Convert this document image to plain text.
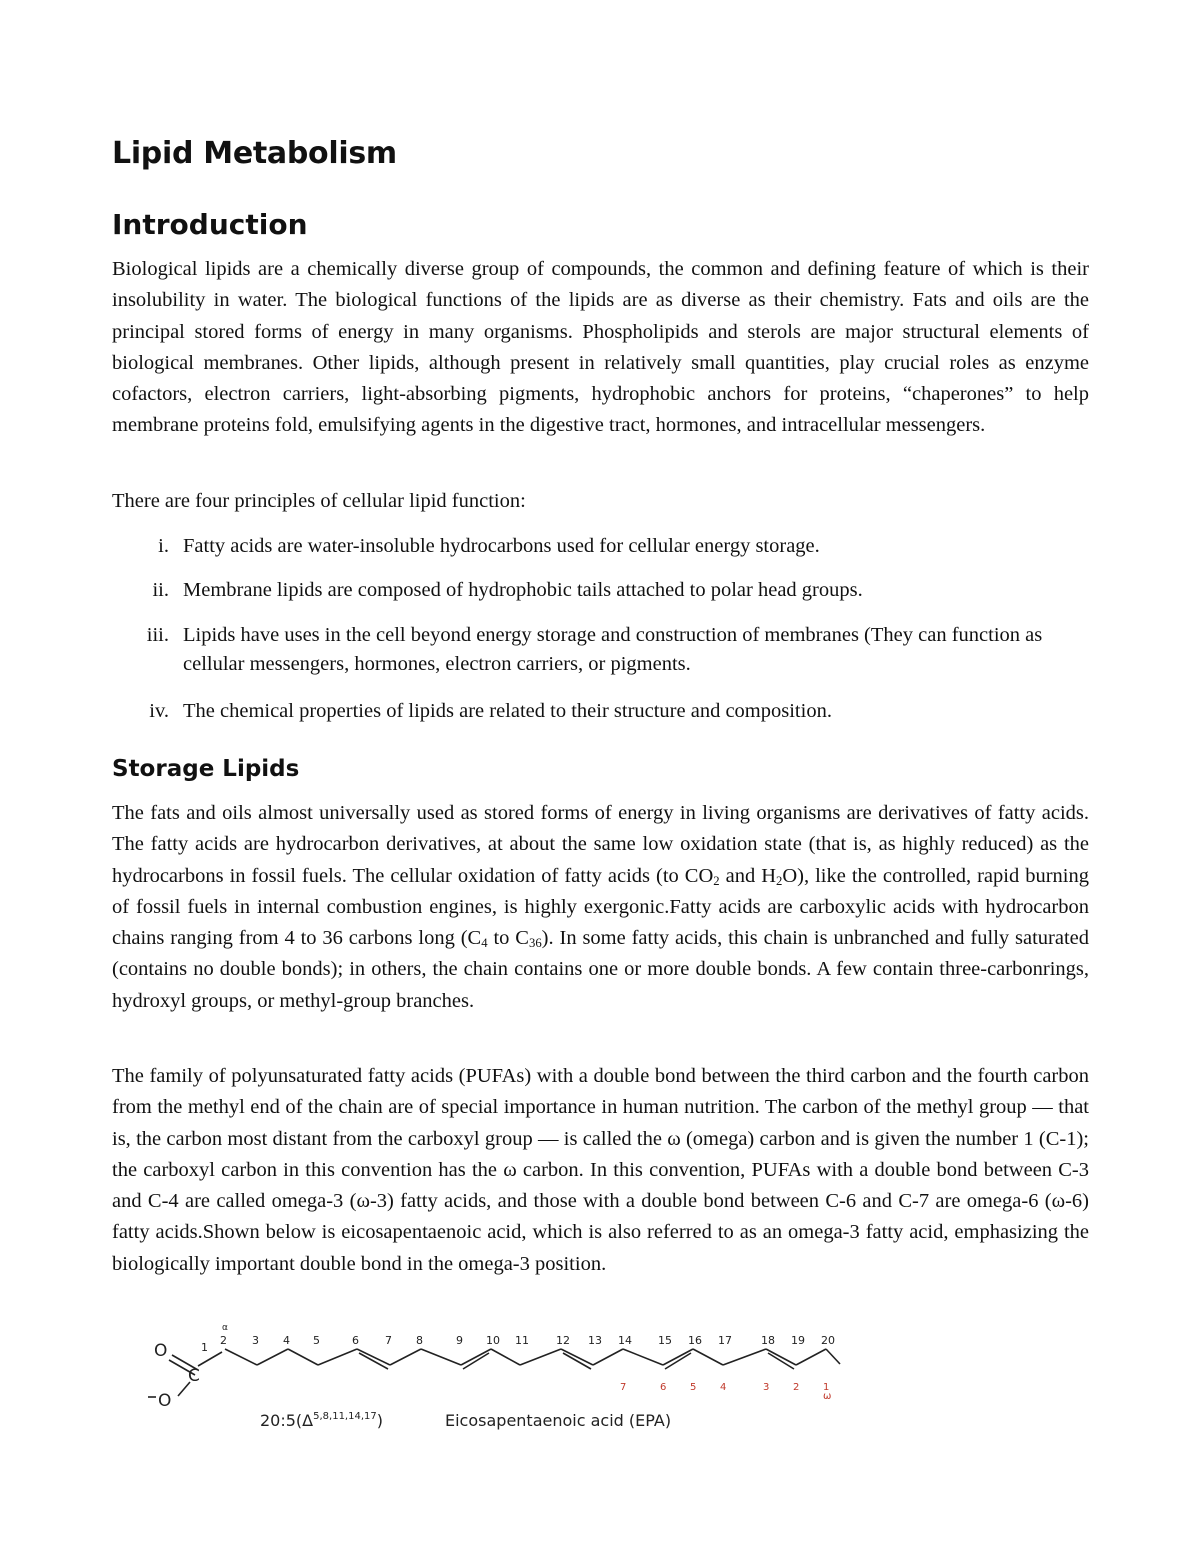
Lipid Metabolism
Introduction

Biological lipids are a chemically diverse group of compounds, the common and defining feature of which is their insolubility in water. The biological functions of the lipids are as diverse as their chemistry. Fats and oils are the principal stored forms of energy in many organisms. Phospholipids and sterols are major structural elements of biological membranes. Other lipids, although present in relatively small quantities, play crucial roles as enzyme cofactors, electron carriers, light-absorbing pigments, hydrophobic anchors for proteins, “chaperones” to help membrane proteins fold, emulsifying agents in the digestive tract, hormones, and intracellular messengers.

There are four principles of cellular lipid function:

i. Fatty acids are water-insoluble hydrocarbons used for cellular energy storage.
ii. Membrane lipids are composed of hydrophobic tails attached to polar head groups.
iii. Lipids have uses in the cell beyond energy storage and construction of membranes (They can function as cellular messengers, hormones, electron carriers, or pigments.
iv. The chemical properties of lipids are related to their structure and composition.
Storage Lipids

The fats and oils almost universally used as stored forms of energy in living organisms are derivatives of fatty acids. The fatty acids are hydrocarbon derivatives, at about the same low oxidation state (that is, as highly reduced) as the hydrocarbons in fossil fuels. The cellular oxidation of fatty acids (to $CO_2$ and $H_2O$), like the controlled, rapid burning of fossil fuels in internal combustion engines, is highly exergonic.Fatty acids are carboxylic acids with hydrocarbon chains ranging from 4 to 36 carbons long ($C_4$ to $C_{36}$). In some fatty acids, this chain is unbranched and fully saturated (contains no double bonds); in others, the chain contains one or more double bonds. A few contain three-carbonrings, hydroxyl groups, or methyl-group branches.

The family of polyunsaturated fatty acids (PUFAs) with a double bond between the third carbon and the fourth carbon from the methyl end of the chain are of special importance in human nutrition. The carbon of the methyl group — that is, the carbon most distant from the carboxyl group — is called the ω (omega) carbon and is given the number 1 (C-1); the carboxyl carbon in this convention has the ω carbon. In this convention, PUFAs with a double bond between C-3 and C-4 are called omega-3 (ω-3) fatty acids, and those with a double bond between C-6 and C-7 are omega-6 (ω-6) fatty acids.Shown below is eicosapentaenoic acid, which is also referred to as an omega-3 fatty acid, emphasizing the biologically important double bond in the omega-3 position.

O
C
O
1
α
2 3 4 5	6 7 8	9 10 11 12 13 14 15 16 17	18 19 20
7	6 5 4	3 2 1
ω
$20:5(\Delta^{5,8,11,14,17})$	Eicosapentaenoic acid (EPA)
